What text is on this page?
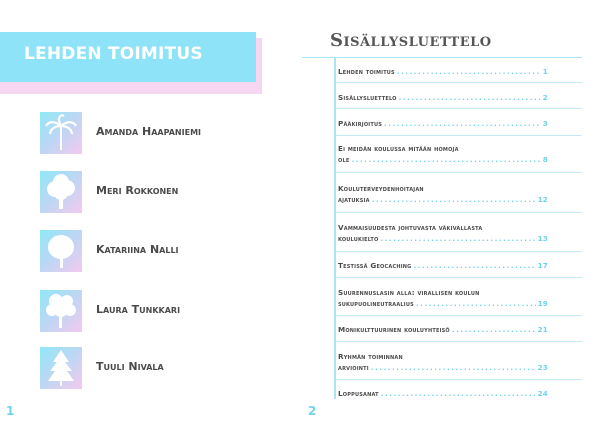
LEHDEN TOIMITUS
Amanda Haapaniemi
Meri Rokkonen
Katariina Nalli
Laura Tunkkari
Tuuli Nivala
1
Sisällysluettelo
Lehden toimitus .....	1
Sisällysluettelo .....	2
Pääkirjoitus .....	3
Ei meidän koulussa mitään homoja
ole .....	8
Kouluterveydenhoitajan
ajatuksia .....	12
Vammaisuudesta johtuvasta väkivallasta
koulukielto .....	13
Testissä Geocaching .....	17
Suurennuslasin alla: virallisen koulun
sukupuolineutraalius .....	19
Monikulttuurinen kouluyhteisö .....	21
Ryhmän toiminnan
arviointi .....	23
Loppusanat .....	24
2
